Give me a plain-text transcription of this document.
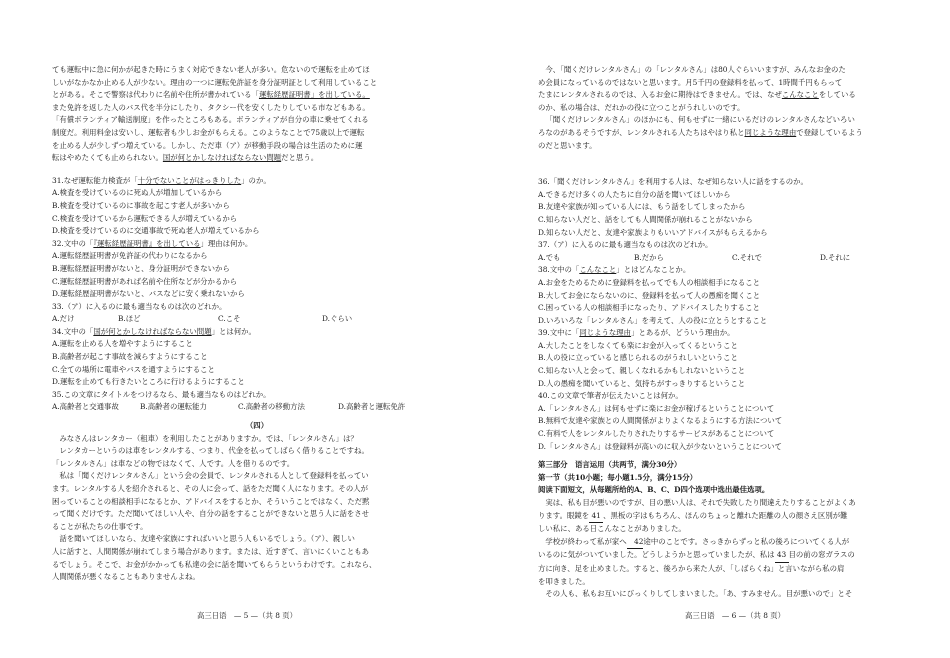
ても運転中に急に何かが起きた時にうまく対応できない老人が多い。危ないので運転を止めてほ

しいがなかなか止める人が少ない。理由の一つに運転免許証を身分証明証として利用していること

とがある。そこで警察は代わりに名前や住所が書かれている「運転経歴証明書」を出している。

また免許を返した人のバス代を半分にしたり、タクシー代を安くしたりしている市などもある。

「有償ボランティア輸送制度」を作ったところもある。ボランティアが自分の車に乗せてくれる

制度だ。利用料金は安いし、運転者も少しお金がもらえる。このようなことで75歳以上で運転

を止める人が少しずつ増えている。しかし、ただ車（ア）が移動手段の場合は生活のために運

転はやめたくても止められない。国が何とかしなければならない問題だと思う。

31.なぜ運転能力検査が「十分でないことがはっきりした」のか。

A.検査を受けているのに死ぬ人が増加しているから

B.検査を受けているのに事故を起こす老人が多いから

C.検査を受けているから運転できる人が増えているから

D.検査を受けているのに交通事故で死ぬ老人が増えているから

32.文中の「『運転経歴証明書』を出している」理由は何か。

A.運転経歴証明書が免許証の代わりになるから

B.運転経歴証明書がないと、身分証明ができないから

C.運転経歴証明書があれば名前や住所などが分かるから

D.運転経歴証明書がないと、バスなどに安く乗れないから

33.（ア）に入るのに最も適当なものは次のどれか。

A.だけ	B.ほど	C.こそ	D.ぐらい

34.文中の「国が何とかしなければならない問題」とは何か。

A.運転を止める人を増やすようにすること

B.高齢者が起こす事故を減らすようにすること

C.全ての場所に電車やバスを通すようにすること

D.運転を止めても行きたいところに行けるようにすること

35.この文章にタイトルをつけるなら、最も適当なものはどれか。

A.高齢者と交通事故	B.高齢者の運転能力	C.高齢者の移動方法	D.高齢者と運転免許

（四）

みなさんはレンタカー（租車）を利用したことがありますか。では、「レンタルさん」は？

レンタカーというのは車をレンタルする、つまり、代金を払ってしばらく借りることですね。

「レンタルさん」は車などの物ではなくて、人です。人を借りるのです。

私は「聞くだけレンタルさん」という会の会員で、レンタルされる人として登録料を払ってい

ます。レンタルする人を紹介されると、その人に会って、話をただ聞く人になります。その人が

困っていることの相談相手になるとか、アドバイスをするとか、そういうことではなく、ただ黙

って聞くだけです。ただ聞いてほしい人や、自分の話をすることができないと思う人に話をさせ

ることが私たちの仕事です。

話を聞いてほしいなら、友達や家族にすればいいと思う人もいるでしょう。（ア）、親しい

人に話すと、人間関係が崩れてしまう場合があります。または、近すぎて、言いにくいこともあ

るでしょう。そこで、お金がかかっても私達の会に話を聞いてもらうというわけです。これなら、

人間関係が悪くなることもありませんよね。

高三日语　— 5 —（共 8 页）

今、「聞くだけレンタルさん」の「レンタルさん」は80人ぐらいいますが、みんなお金のた

め会員になっているのではないと思います。月5千円の登録料を払って、1時間千円もらって

たまにレンタルされるのでは、入るお金に期待はできません。では、なぜこんなことをしている

のか、私の場合は、だれかの役に立つことがうれしいのです。

「聞くだけレンタルさん」のほかにも、何もせずに一緒にいるだけのレンタルさんなどいろい

ろなのがあるそうですが、レンタルされる人たちはやはり私と同じような理由で登録しているよう

のだと思います。

36.「聞くだけレンタルさん」を利用する人は、なぜ知らない人に話をするのか。

A.できるだけ多くの人たちに自分の話を聞いてほしいから

B.友達や家族が知っている人には、もう話をしてしまったから

C.知らない人だと、話をしても人間関係が崩れることがないから

D.知らない人だと、友達や家族よりもいいアドバイスがもらえるから

37.（ア）に入るのに最も適当なものは次のどれか。

A.でも	B.だから	C.それで	D.それに

38.文中の「こんなこと」とはどんなことか。

A.お金をためるために登録料を払ってでも人の相談相手になること

B.大してお金にならないのに、登録料を払って人の愚痴を聞くこと

C.困っている人の相談相手になったり、アドバイスしたりすること

D.いろいろな「レンタルさん」を考えて、人の役に立とうとすること

39.文中に「同じような理由」とあるが、どういう理由か。

A.大したことをしなくても楽にお金が入ってくるということ

B.人の役に立っていると感じられるのがうれしいということ

C.知らない人と会って、親しくなれるかもしれないということ

D.人の愚痴を聞いていると、気持ちがすっきりするということ

40.この文章で筆者が伝えたいことは何か。

A.「レンタルさん」は何もせずに楽にお金が稼げるということについて

B.無料で友達や家族との人間関係がよりよくなるようにする方法について

C.有料で人をレンタルしたりされたりするサービスがあることについて

D.「レンタルさん」は登録料が高いのに収入が少ないということについて

第三部分　语言运用（共两节，满分30分）

第一节（共10小题；每小题1.5分，满分15分）

阅读下面短文，从每题所给的A、B、C、D四个选项中选出最佳选项。

実は、私も目が悪いのですが、目の悪い人は、それで失敗したり間違えたりすることがよくあ

ります。眼鏡を 41 、黒板の字はもちろん、ほんのちょっと離れた距離の人の顔さえ区別が難

しい私に、ある日こんなことがありました。

学校が終わって私が家へ 42途中のことです。さっきからずっと私の後ろについてくる人が

いるのに気がついていました。どうしようかと思っていましたが、私は 43 目の前の窓ガラスの

方に向き、足を止めました。すると、後ろから来た人が、「しばらくね」と言いながら私の肩

を叩きました。

その人も、私もお互いにびっくりしてしまいました。「あ、すみません。目が悪いので」とそ

高三日语　— 6 —（共 8 页）
